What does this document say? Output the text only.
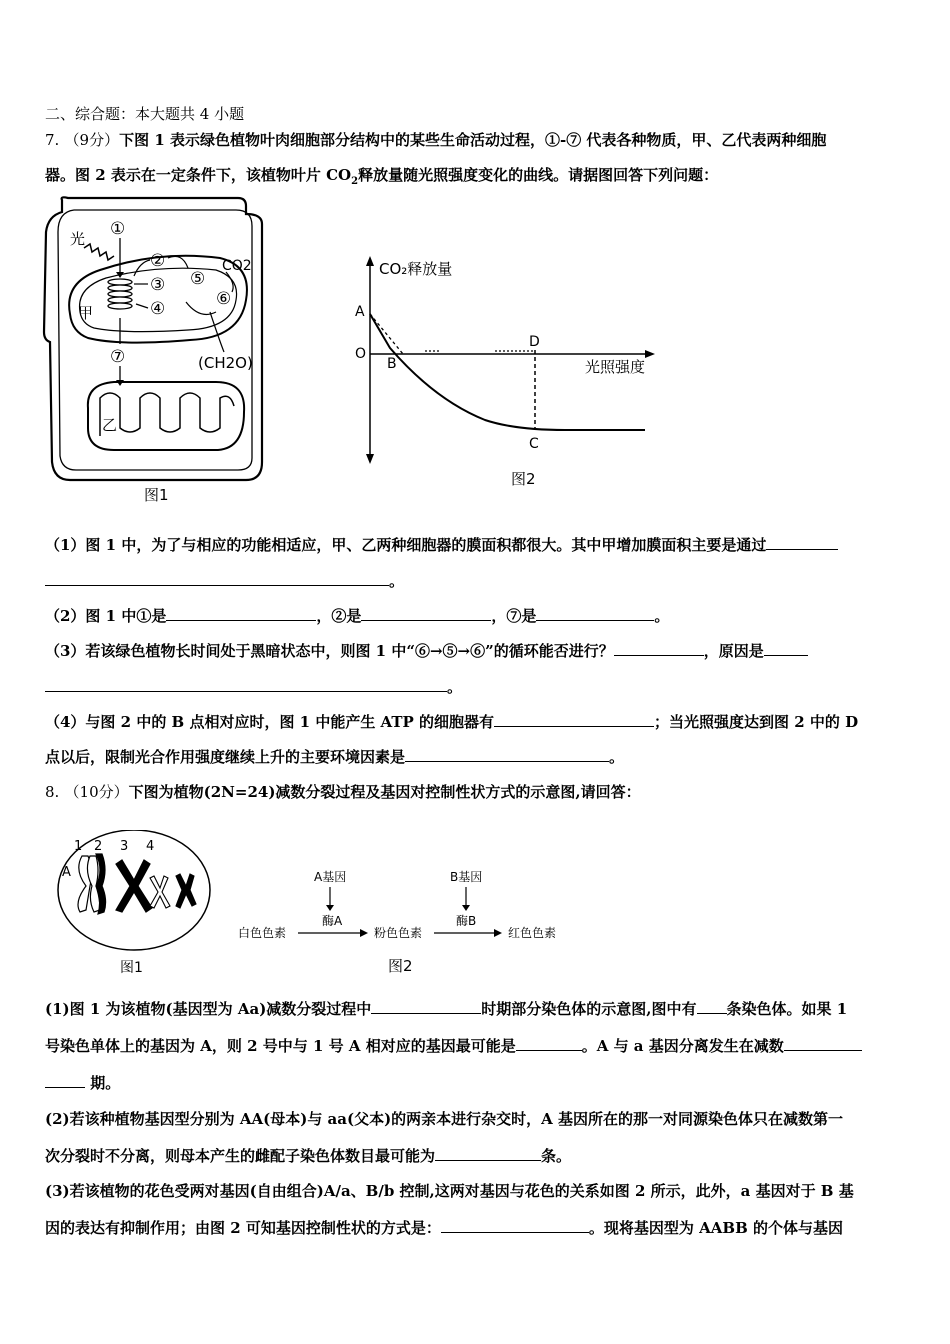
二、综合题：本大题共 4 小题
7. （9分）下图 1 表示绿色植物叶肉细胞部分结构中的某些生命活动过程，①-⑦ 代表各种物质，甲、乙代表两种细胞
器。图 2 表示在一定条件下，该植物叶片 $CO_2$释放量随光照强度变化的曲线。请据图回答下列问题：
光
甲
①
②
③
④
⑤
⑥
CO2
(CH2O)
⑦
乙
图1
CO₂释放量
光照强度
O
A
B
D
C
图2
（1）图 1 中，为了与相应的功能相适应，甲、乙两种细胞器的膜面积都很大。其中甲增加膜面积主要是通过
。
（2）图 1 中①是	，②是	，⑦是	。
（3）若该绿色植物长时间处于黑暗状态中，则图 1 中“⑥→⑤→⑥”的循环能否进行？	，原因是
。
（4）与图 2 中的 B 点相对应时，图 1 中能产生 ATP 的细胞器有	；当光照强度达到图 2 中的 D
点以后，限制光合作用强度继续上升的主要环境因素是	。
8. （10分）下图为植物(2N=24)减数分裂过程及基因对控制性状方式的示意图,请回答：
1 2 3 4
A
图1
A基因	B基因
酶A	酶B
白色色素	粉色色素	红色色素
图2
(1)图 1 为该植物(基因型为 Aa)减数分裂过程中	时期部分染色体的示意图,图中有 条染色体。如果 1
号染色单体上的基因为 A，则 2 号中与 1 号 A 相对应的基因最可能是	。A 与 a 基因分离发生在减数
期。
(2)若该种植物基因型分别为 AA(母本)与 aa(父本)的两亲本进行杂交时，A 基因所在的那一对同源染色体只在减数第一
次分裂时不分离，则母本产生的雌配子染色体数目最可能为	条。
(3)若该植物的花色受两对基因(自由组合)A/a、B/b 控制,这两对基因与花色的关系如图 2 所示，此外，a 基因对于 B 基
因的表达有抑制作用；由图 2 可知基因控制性状的方式是：	。现将基因型为 AABB 的个体与基因
